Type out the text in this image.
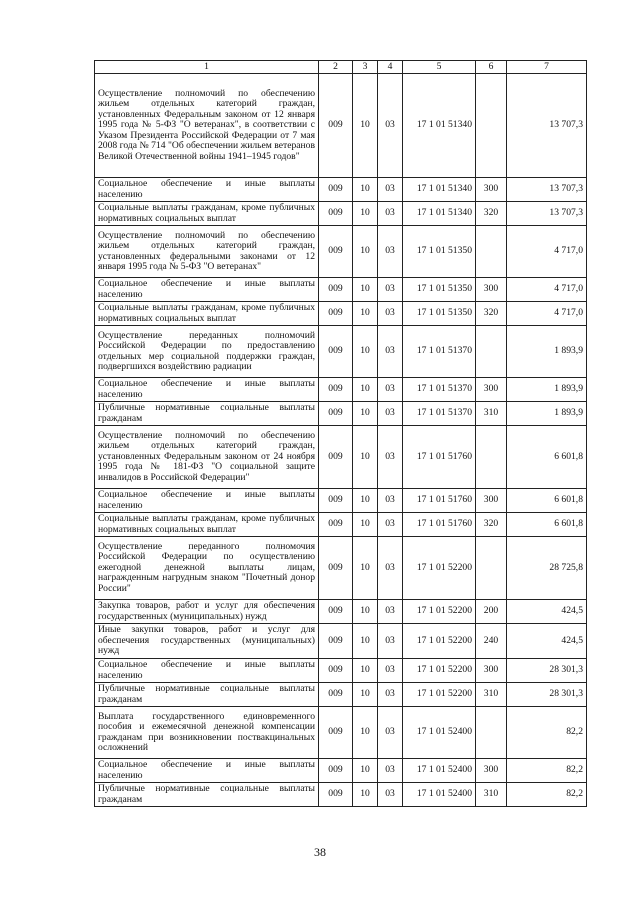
1	2	3	4	5	6	7
Осуществление полномочий по обеспечению жильем отдельных категорий граждан, установленных Федеральным законом от 12 января 1995 года № 5-ФЗ "О ветеранах", в соответствии с Указом Президента Российской Федерации от 7 мая 2008 года № 714 "Об обеспечении жильем ветеранов Великой Отечественной войны 1941–1945 годов"	009	10	03	17 1 01 51340		13 707,3
Социальное обеспечение и иные выплаты населению	009	10	03	17 1 01 51340	300	13 707,3
Социальные выплаты гражданам, кроме публичных нормативных социальных выплат	009	10	03	17 1 01 51340	320	13 707,3
Осуществление полномочий по обеспечению жильем отдельных категорий граждан, установленных федеральными законами от 12 января 1995 года № 5-ФЗ "О ветеранах"	009	10	03	17 1 01 51350		4 717,0
Социальное обеспечение и иные выплаты населению	009	10	03	17 1 01 51350	300	4 717,0
Социальные выплаты гражданам, кроме публичных нормативных социальных выплат	009	10	03	17 1 01 51350	320	4 717,0
Осуществление переданных полномочий Российской Федерации по предоставлению отдельных мер социальной поддержки граждан, подвергшихся воздействию радиации	009	10	03	17 1 01 51370		1 893,9
Социальное обеспечение и иные выплаты населению	009	10	03	17 1 01 51370	300	1 893,9
Публичные нормативные социальные выплаты гражданам	009	10	03	17 1 01 51370	310	1 893,9
Осуществление полномочий по обеспечению жильем отдельных категорий граждан, установленных Федеральным законом от 24 ноября 1995 года № 181-ФЗ "О социальной защите инвалидов в Российской Федерации"	009	10	03	17 1 01 51760		6 601,8
Социальное обеспечение и иные выплаты населению	009	10	03	17 1 01 51760	300	6 601,8
Социальные выплаты гражданам, кроме публичных нормативных социальных выплат	009	10	03	17 1 01 51760	320	6 601,8
Осуществление переданного полномочия Российской Федерации по осуществлению ежегодной денежной выплаты лицам, награжденным нагрудным знаком "Почетный донор России"	009	10	03	17 1 01 52200		28 725,8
Закупка товаров, работ и услуг для обеспечения государственных (муниципальных) нужд	009	10	03	17 1 01 52200	200	424,5
Иные закупки товаров, работ и услуг для обеспечения государственных (муниципальных) нужд	009	10	03	17 1 01 52200	240	424,5
Социальное обеспечение и иные выплаты населению	009	10	03	17 1 01 52200	300	28 301,3
Публичные нормативные социальные выплаты гражданам	009	10	03	17 1 01 52200	310	28 301,3
Выплата государственного единовременного пособия и ежемесячной денежной компенсации гражданам при возникновении поствакцинальных осложнений	009	10	03	17 1 01 52400		82,2
Социальное обеспечение и иные выплаты населению	009	10	03	17 1 01 52400	300	82,2
Публичные нормативные социальные выплаты гражданам	009	10	03	17 1 01 52400	310	82,2
38
